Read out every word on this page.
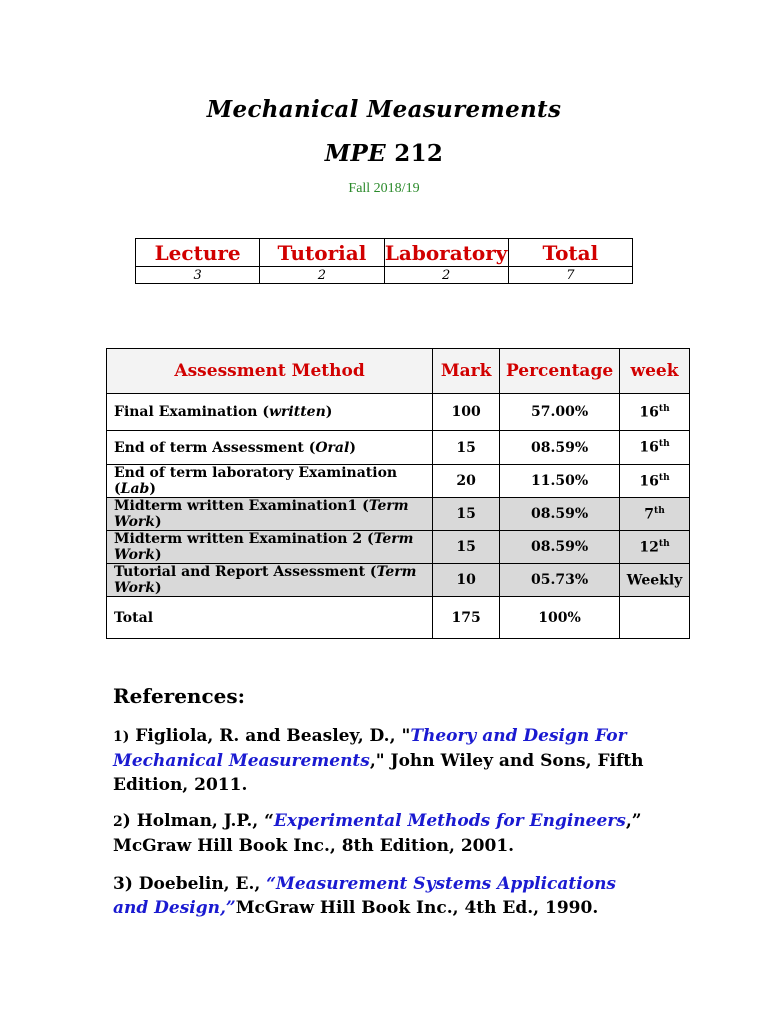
Mechanical Measurements
MPE 212
Fall 2018/19
Lecture	Tutorial	Laboratory	Total
3	2	2	7
Assessment Method	Mark	Percentage	week
Final Examination (written)	100	57.00%	16th
End of term Assessment (Oral)	15	08.59%	16th
End of term laboratory Examination (Lab)	20	11.50%	16th
Midterm written Examination1 (Term Work)	15	08.59%	7th
Midterm written Examination 2 (Term Work)	15	08.59%	12th
Tutorial and Report Assessment (Term Work)	10	05.73%	Weekly
Total	175	100%	
References:
1) Figliola, R. and Beasley, D., "Theory and Design For Mechanical Measurements," John Wiley and Sons, Fifth Edition, 2011.
2) Holman, J.P., “Experimental Methods for Engineers,” McGraw Hill Book Inc., 8th Edition, 2001.
3) Doebelin, E., “Measurement Systems Applications and Design,”McGraw Hill Book Inc., 4th Ed., 1990.
